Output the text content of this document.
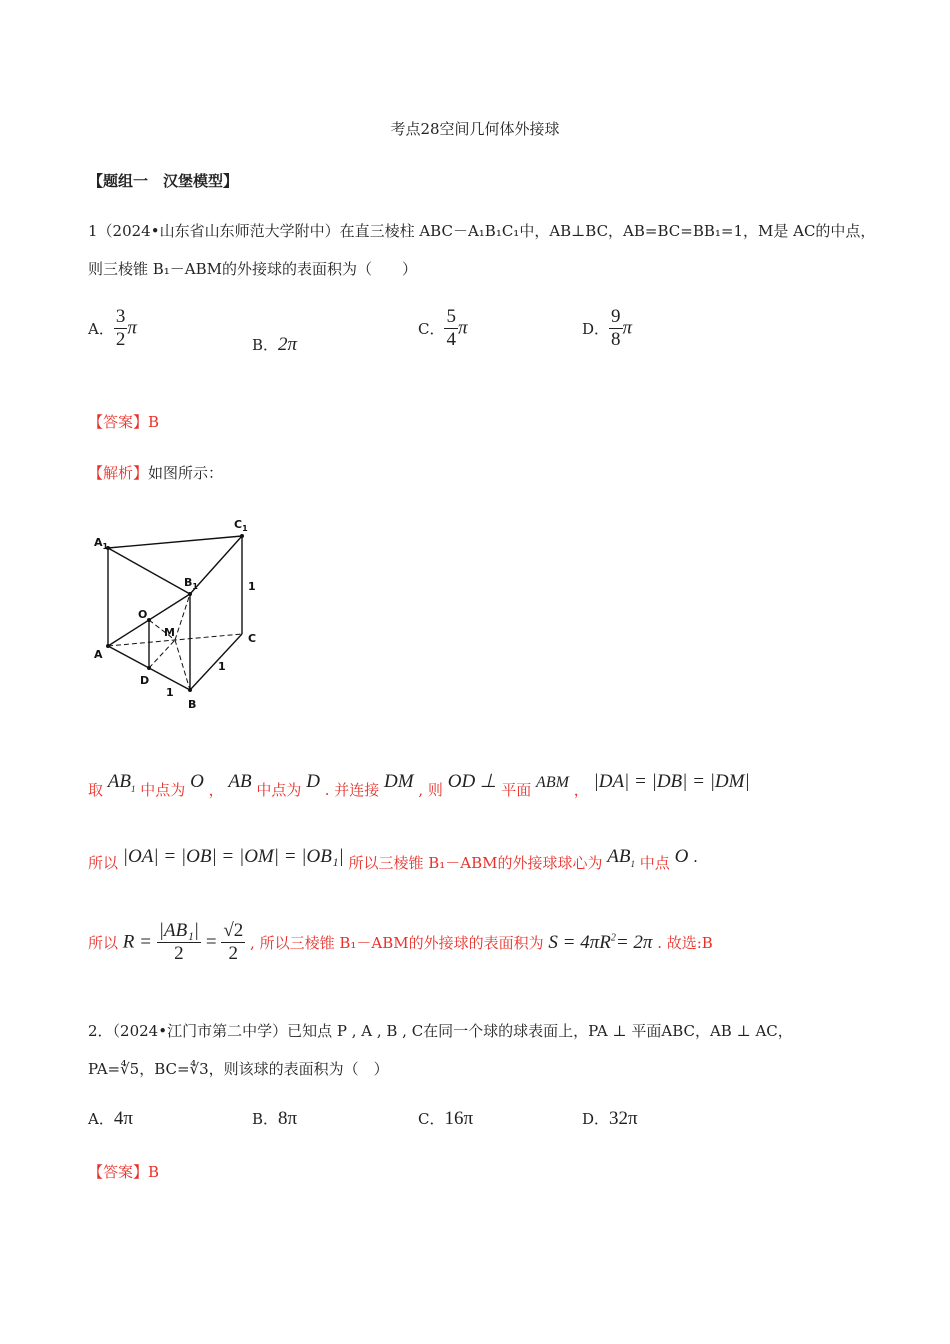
考点28空间几何体外接球
【题组一　汉堡模型】
1（2024•山东省山东师范大学附中）在直三棱柱 ABC－A₁B₁C₁中，AB⊥BC，AB=BC=BB₁=1，M是 AC的中点，
则三棱锥 B₁－ABM的外接球的表面积为（　　）
A． $\frac{3}{2}$ π
B．2π
C． $\frac{5}{4}$ π	D． $\frac{9}{8}$ π
【答案】B
【解析】如图所示：
$A_1$
$C_1$
$B_1$
O
M
A
C
D
B
1
1
1
取 $AB_1$ 中点为 O ， AB 中点为 D . 并连接 DM , 则 OD ⊥ 平面 ABM ， |DA| = |DB| = |DM|
所以 |OA| = |OB| = |OM| = |OB₁| 所以三棱锥 B₁－ABM的外接球球心为 $AB_1$ 中点 O .
所以 $R = \frac{\text{|AB₁|}}{2} = \frac{√2}{2}$ , 所以三棱锥 B₁－ABM的外接球的表面积为 $S = 4\pi R^2= 2\pi$ . 故选:B
2．（2024•江门市第二中学）已知点 P , A , B , C在同一个球的球表面上，PA ⊥ 平面ABC，AB ⊥ AC，
PA=∜5，BC=∜3，则该球的表面积为（　）
A．4π	B．8π	C．16π	D．32π
【答案】B
